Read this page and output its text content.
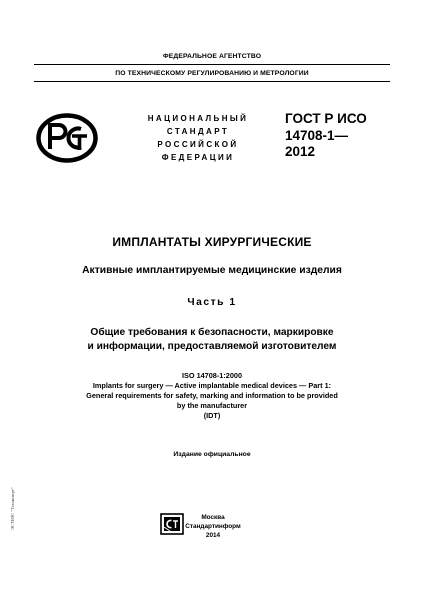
ФЕДЕРАЛЬНОЕ АГЕНТСТВО
ПО ТЕХНИЧЕСКОМУ РЕГУЛИРОВАНИЮ И МЕТРОЛОГИИ
НАЦИОНАЛЬНЫЙ
СТАНДАРТ
РОССИЙСКОЙ
ФЕДЕРАЦИИ
ГОСТ Р ИСО
14708-1—
2012
ИМПЛАНТАТЫ ХИРУРГИЧЕСКИЕ
Активные имплантируемые медицинские изделия
Часть 1
Общие требования к безопасности, маркировке
и информации, предоставляемой изготовителем
ISO 14708-1:2000
Implants for surgery — Active implantable medical devices — Part 1:
General requirements for safety, marking and information to be provided
by the manufacturer
(IDT)
Издание официальное
Москва
Стандартинформ
2014
ЭСТЕНС "Техэксперт"
